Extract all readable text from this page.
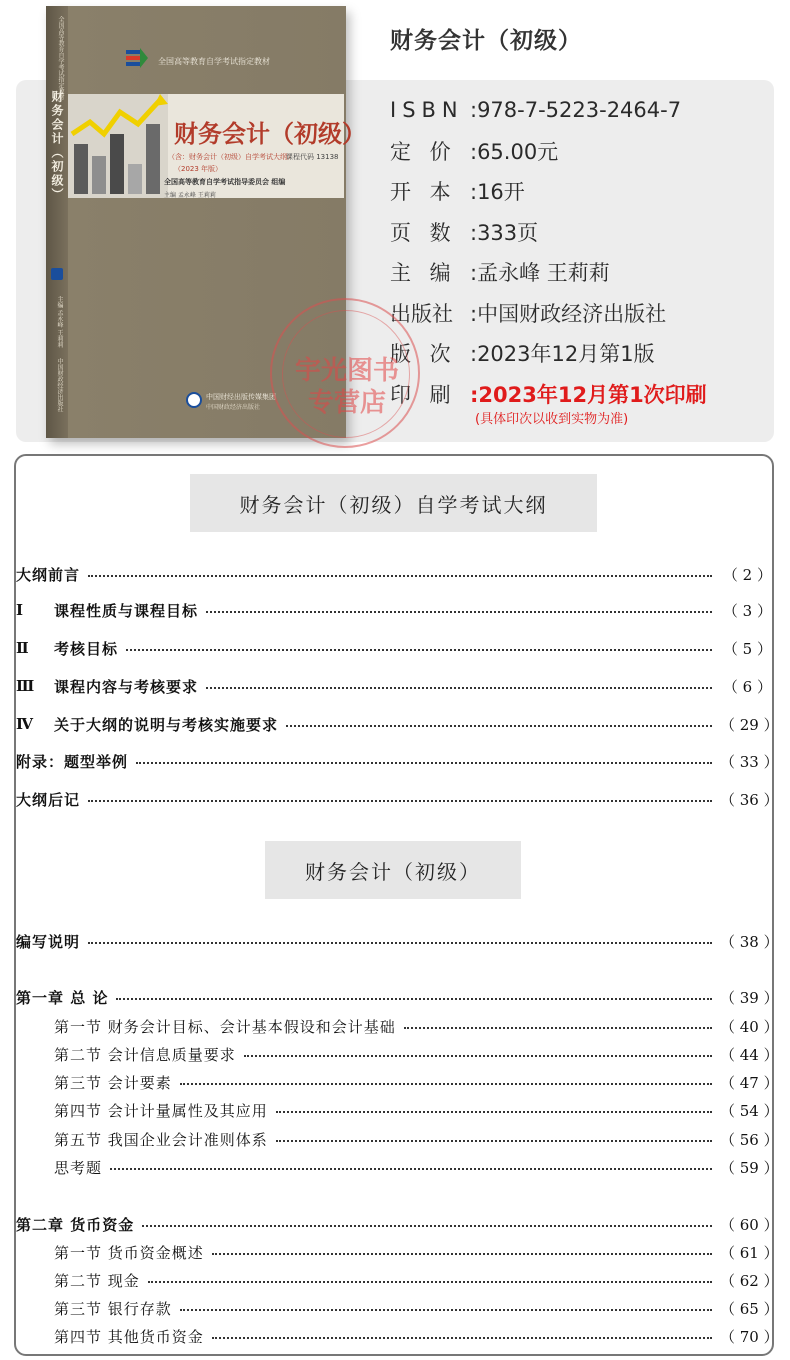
财务会计（初级）
全国高等教育自学考试指定教材
财务会计（初级）
主编 孟永峰 王莉莉
中国财政经济出版社
全国高等教育自学考试指定教材
财务会计（初级）
（含：财务会计（初级）自学考试大纲）
课程代码 13138
（2023 年版）
全国高等教育自学考试指导委员会 组编
主编 孟永峰 王莉莉
中国财经出版传媒集团
中国财政经济出版社
ISBN :978-7-5223-2464-7
定 价 :65.00元
开 本 :16开
页 数 :333页
主 编 :孟永峰 王莉莉
出版社 :中国财政经济出版社
版 次 :2023年12月第1版
印 刷 :2023年12月第1次印刷
(具体印次以收到实物为准)
宇光图书
专营店
财务会计（初级）自学考试大纲
大纲前言	（ 2 ）
Ⅰ	课程性质与课程目标	（ 3 ）
Ⅱ	考核目标	（ 5 ）
Ⅲ	课程内容与考核要求	（ 6 ）
Ⅳ	关于大纲的说明与考核实施要求	（ 29 ）
附录：题型举例	（ 33 ）
大纲后记	（ 36 ）
财务会计（初级）
编写说明	（ 38 ）
第一章 总 论	（ 39 ）
第一节 财务会计目标、会计基本假设和会计基础	（ 40 ）
第二节 会计信息质量要求	（ 44 ）
第三节 会计要素	（ 47 ）
第四节 会计计量属性及其应用	（ 54 ）
第五节 我国企业会计准则体系	（ 56 ）
思考题	（ 59 ）
第二章 货币资金	（ 60 ）
第一节 货币资金概述	（ 61 ）
第二节 现金	（ 62 ）
第三节 银行存款	（ 65 ）
第四节 其他货币资金	（ 70 ）
